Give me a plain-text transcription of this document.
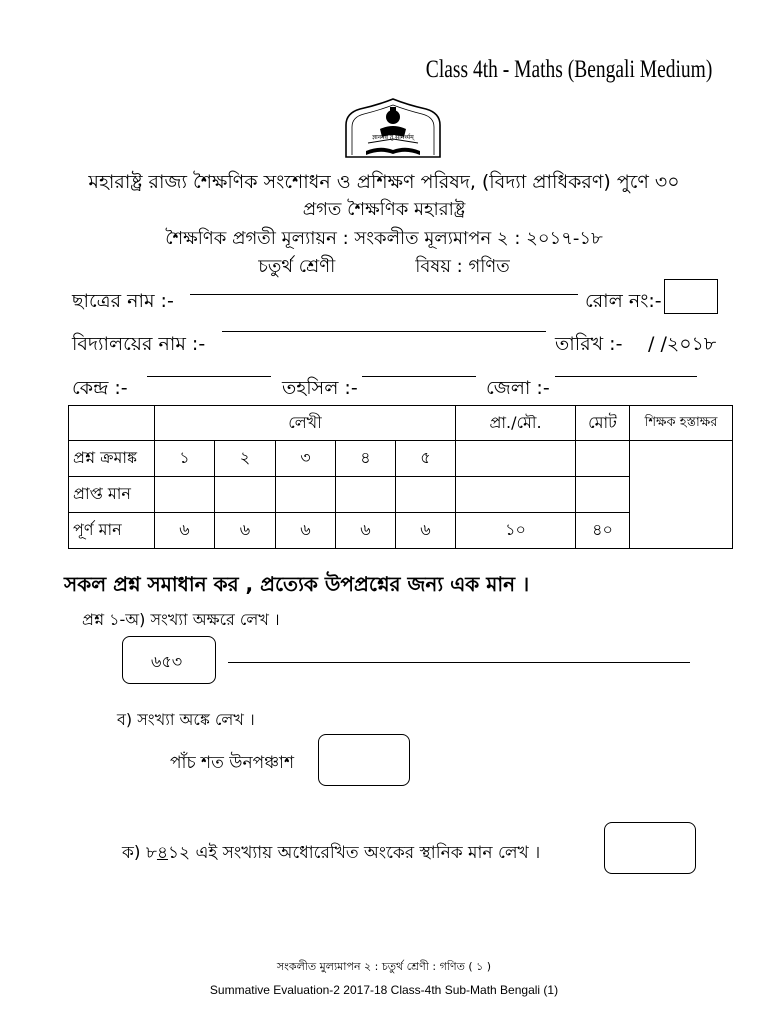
Class 4th - Maths (Bengali Medium)
ज्ञानमेव तु सामर्थ्यम्
মহারাষ্ট্র রাজ্য শৈক্ষণিক সংশোধন ও প্রশিক্ষণ পরিষদ, (বিদ্যা প্রাধিকরণ) পুণে ৩০
প্রগত শৈক্ষণিক মহারাষ্ট্র
শৈক্ষণিক প্রগতী মূল্যায়ন : সংকলীত মূল্যমাপন ২ : ২০১৭-১৮
চতুর্থ শ্রেণী	বিষয় : গণিত
ছাত্রের নাম :-	রোল নং:-
বিদ্যালয়ের নাম :-	তারিখ :- / /২০১৮
কেন্দ্র :-	তহসিল :-	জেলা :-
	লেখী					প্রা./মৌ.	মোট	শিক্ষক হস্তাক্ষর
প্রশ্ন ক্রমাঙ্ক	১	২	৩	৪	৫			
প্রাপ্ত মান								
পূর্ণ মান	৬	৬	৬	৬	৬	১০	৪০	
সকল প্রশ্ন সমাধান কর , প্রত্যেক উপপ্রশ্নের জন্য এক মান ।
প্রশ্ন ১-অ) সংখ্যা অক্ষরে লেখ ।
৬৫৩
ব) সংখ্যা অঙ্কে লেখ ।
পাঁচ শত উনপঞ্চাশ
ক) ৮৪১২ এই সংখ্যায় অধোরেখিত অংকের স্থানিক মান লেখ ।
সংকলীত মুল্যমাপন ২ : চতুর্থ শ্রেণী : গণিত ( ১ )
Summative Evaluation-2 2017-18 Class-4th Sub-Math Bengali (1)
